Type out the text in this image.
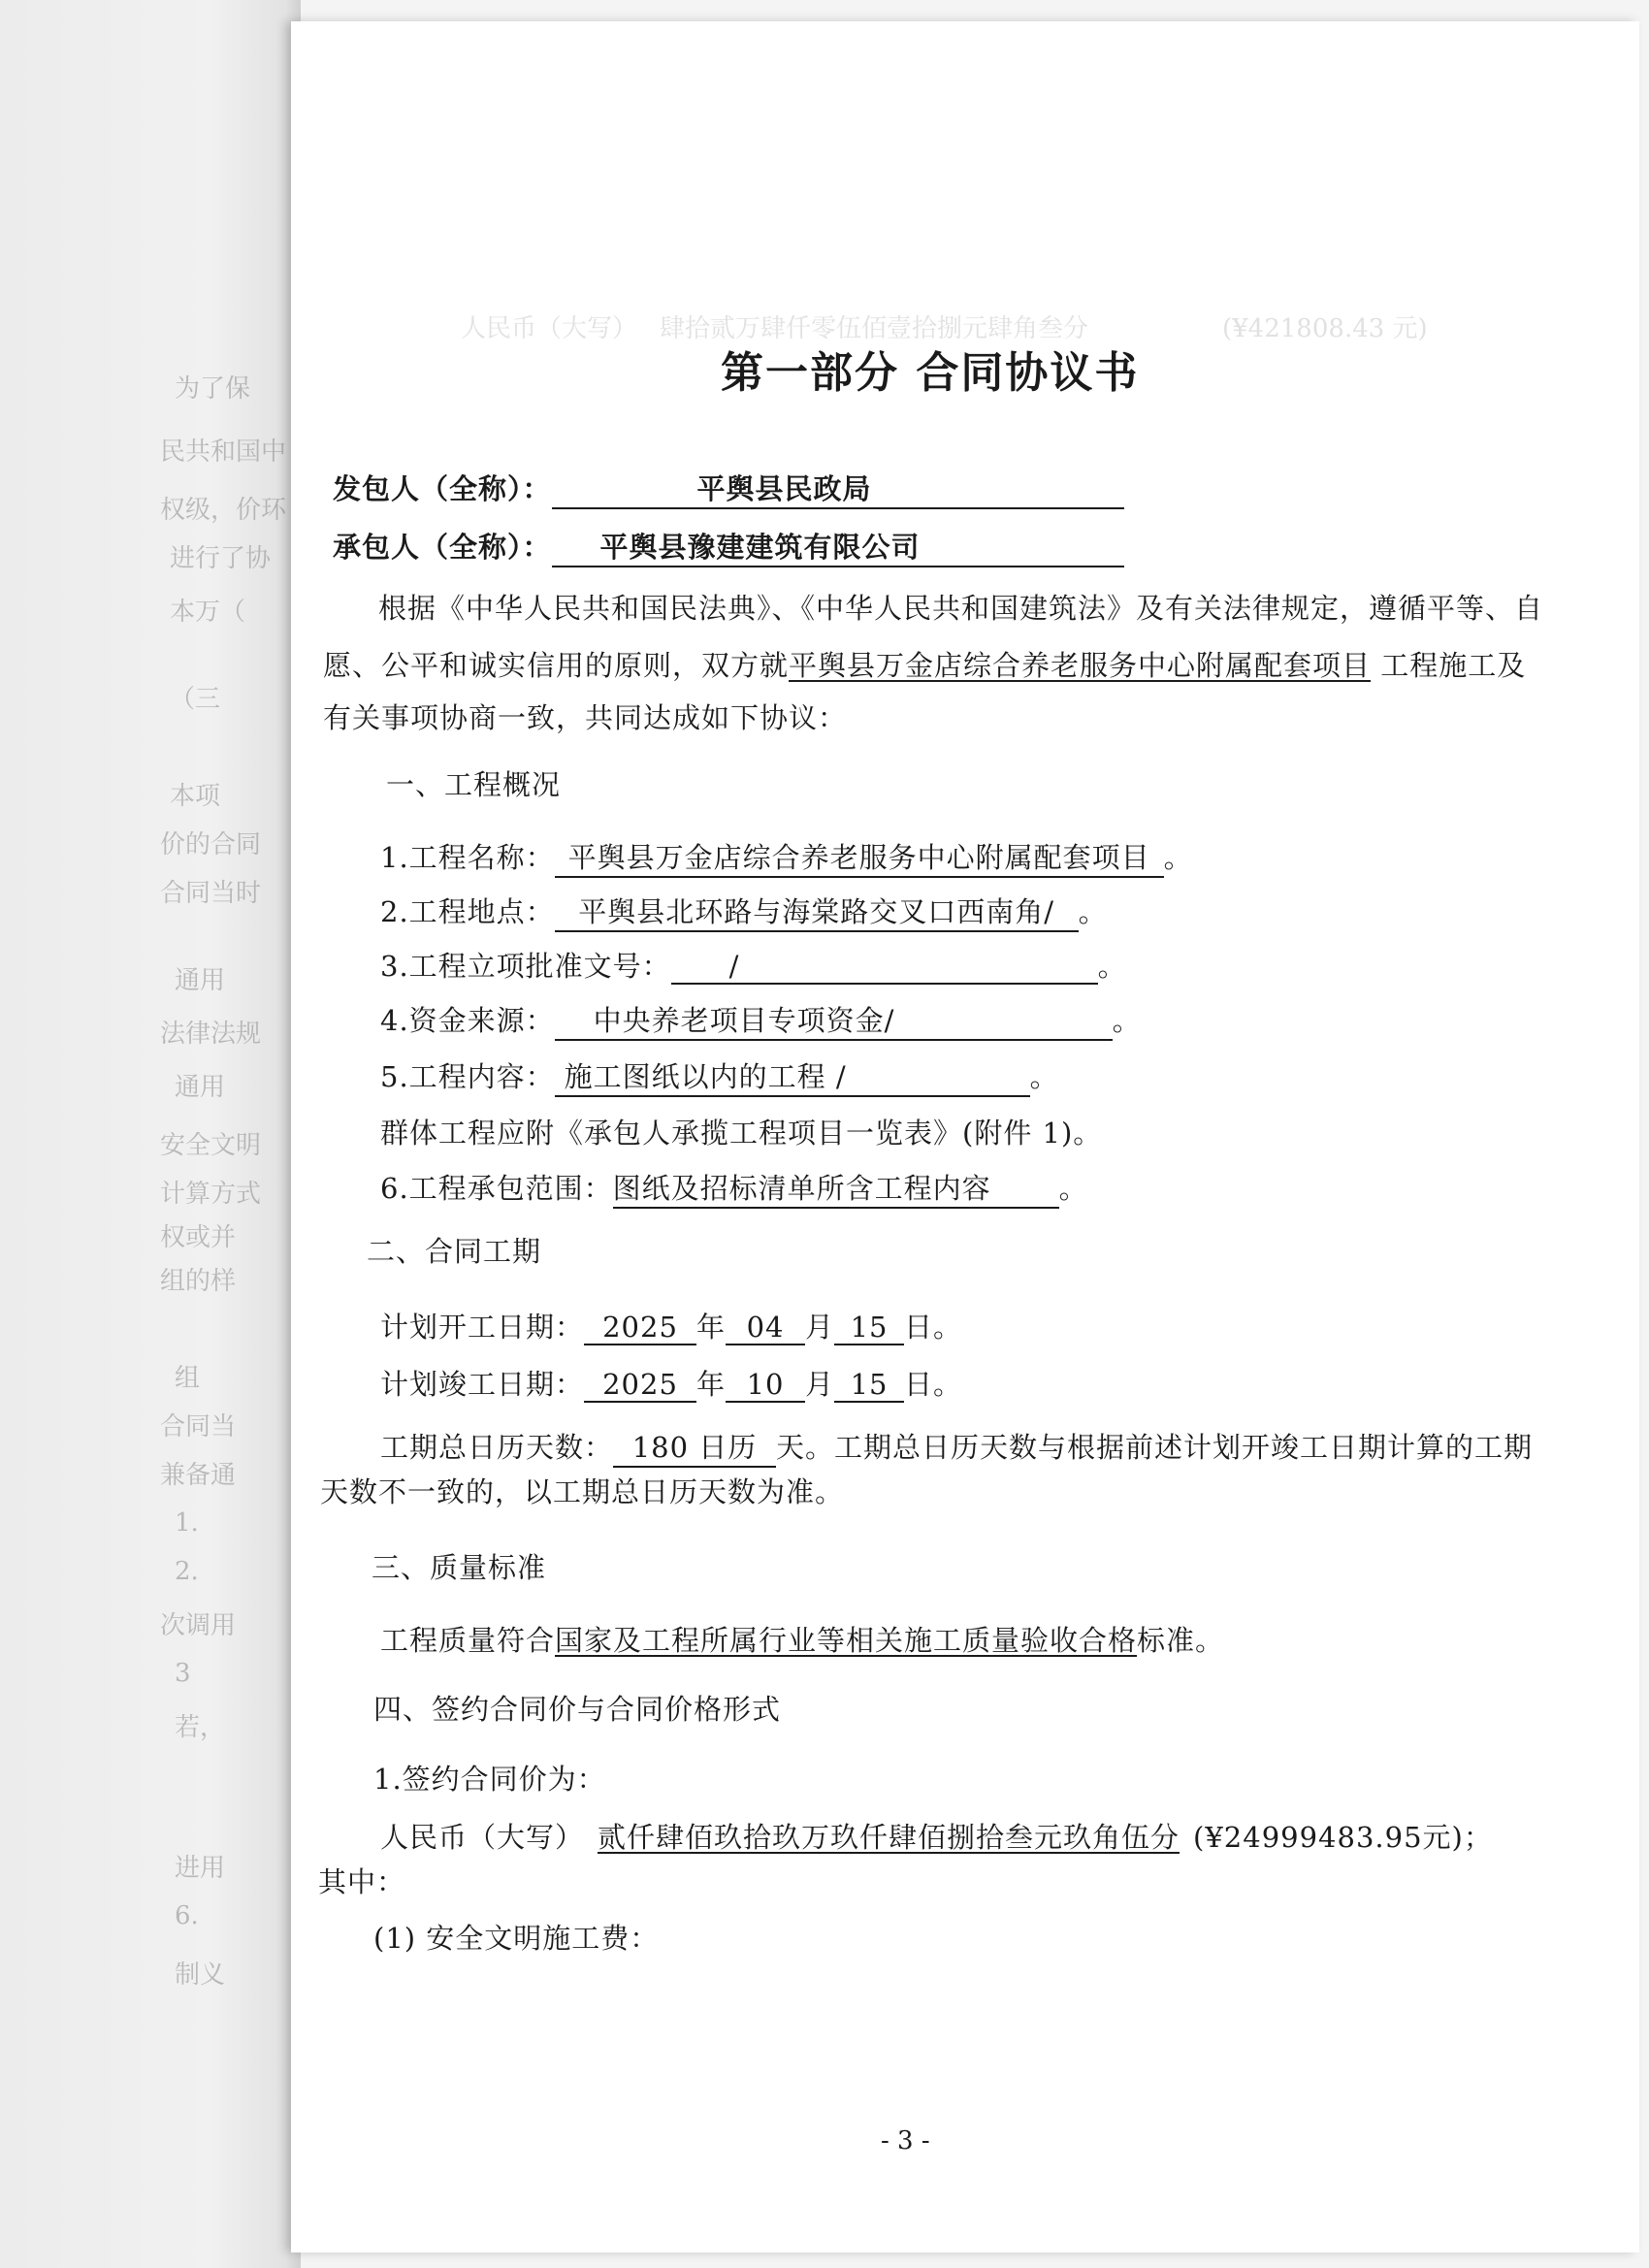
为了保
民共和国中
权级，价环
进行了协
本万（
（三
本项
价的合同
合同当时
通用
法律法规
通用
安全文明
计算方式
权或并
组的样
组
合同当
兼备通
1.
2.
次调用
3
若，
进用
6.
制义
人民币（大写） 肆拾贰万肆仟零伍佰壹拾捌元肆角叁分	(¥421808.43 元)
第一部分 合同协议书
发包人（全称）：	平舆县民政局
承包人（全称）： 平舆县豫建建筑有限公司
根据《中华人民共和国民法典》、《中华人民共和国建筑法》及有关法律规定，遵循平等、自
愿、公平和诚实信用的原则，双方就平舆县万金店综合养老服务中心附属配套项目 工程施工及
有关事项协商一致，共同达成如下协议：
一、工程概况
1.工程名称： 平舆县万金店综合养老服务中心附属配套项目 。
2.工程地点： 平舆县北环路与海棠路交叉口西南角/ 。
3.工程立项批准文号： /	。
4.资金来源： 中央养老项目专项资金/	。
5.工程内容： 施工图纸以内的工程 /	。
群体工程应附《承包人承揽工程项目一览表》(附件 1)。
6.工程承包范围：图纸及招标清单所含工程内容 。
二、合同工期
计划开工日期： 2025 年 04 月 15 日。
计划竣工日期： 2025 年 10 月 15 日。
工期总日历天数： 180 日历 天。工期总日历天数与根据前述计划开竣工日期计算的工期
天数不一致的，以工期总日历天数为准。
三、质量标准
工程质量符合国家及工程所属行业等相关施工质量验收合格标准。
四、签约合同价与合同价格形式
1.签约合同价为：
人民币（大写） 贰仟肆佰玖拾玖万玖仟肆佰捌拾叁元玖角伍分 (¥24999483.95元)；
其中：
(1) 安全文明施工费：
- 3 -
